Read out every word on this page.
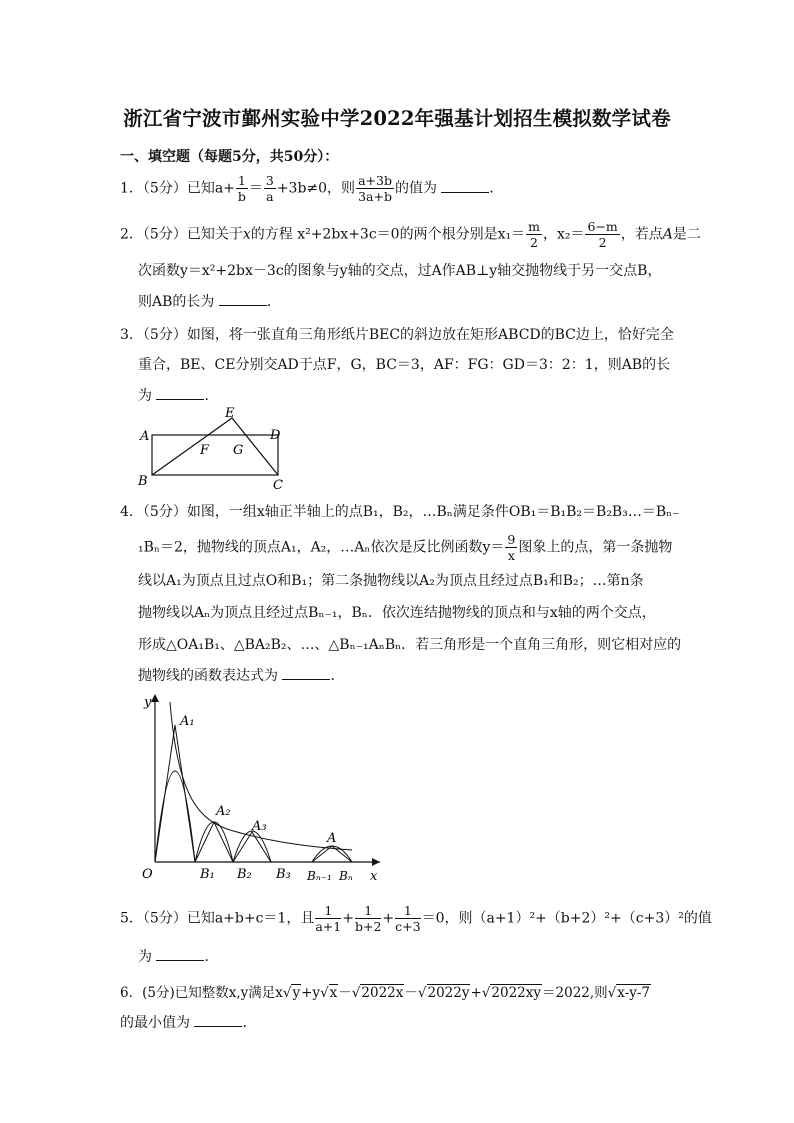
浙江省宁波市鄞州实验中学2022年强基计划招生模拟数学试卷
一、填空题（每题5分，共50分）：
1．（5分）已知$a+ \frac{1}{b} = \frac{3}{a} +3b\ne 0$，则 $\frac{a+3b}{3a+b}$ 的值为	．
2．（5分）已知关于x的方程 x²+2bx+3c＝0的两个根分别是$x_1= \frac{m}{2}$ ，$x_2= \frac{6-m}{2}$ ，若点A是二
次函数y＝x²+2bx－3c的图象与y轴的交点，过A作AB⊥y轴交抛物线于另一交点B，
则AB的长为	．
3．（5分）如图，将一张直角三角形纸片BEC的斜边放在矩形ABCD的BC边上，恰好完全
重合，BE、CE分别交AD于点F，G，BC＝3，AF：FG：GD＝3：2：1，则AB的长
为	．
A
B	C
D
E
F G
4．（5分）如图，一组x轴正半轴上的点B₁，B₂，…Bₙ满足条件OB₁＝B₁B₂＝B₂B₃…＝Bₙ₋
₁Bₙ＝2，抛物线的顶点A₁，A₂，…Aₙ依次是反比例函数$y= \frac{9}{x}$ 图象上的点，第一条抛物
线以A₁为顶点且过点O和B₁；第二条抛物线以A₂为顶点且经过点B₁和B₂；…第n条
抛物线以Aₙ为顶点且经过点Bₙ₋₁，Bₙ．依次连结抛物线的顶点和与x轴的两个交点，
形成△OA₁B₁、△BA₂B₂、…、△Bₙ₋₁AₙBₙ．若三角形是一个直角三角形，则它相对应的
抛物线的函数表达式为	．
y
x
O
A₁
A₂
A₃
A
B₁ B₂ B₃ Bₙ₋₁ Bₙ
5．（5分）已知a+b+c＝1，且 $\frac{1}{a+1} + \frac{1}{b+2} + \frac{1}{c+3} =0$，则（a+1）²+（b+2）²+（c+3）²的值
为	．
6．(5分)已知整数x,y满足x√y+y√x－√2022x－√2022y+√2022xy＝2022,则√x-y-7
的最小值为	．
